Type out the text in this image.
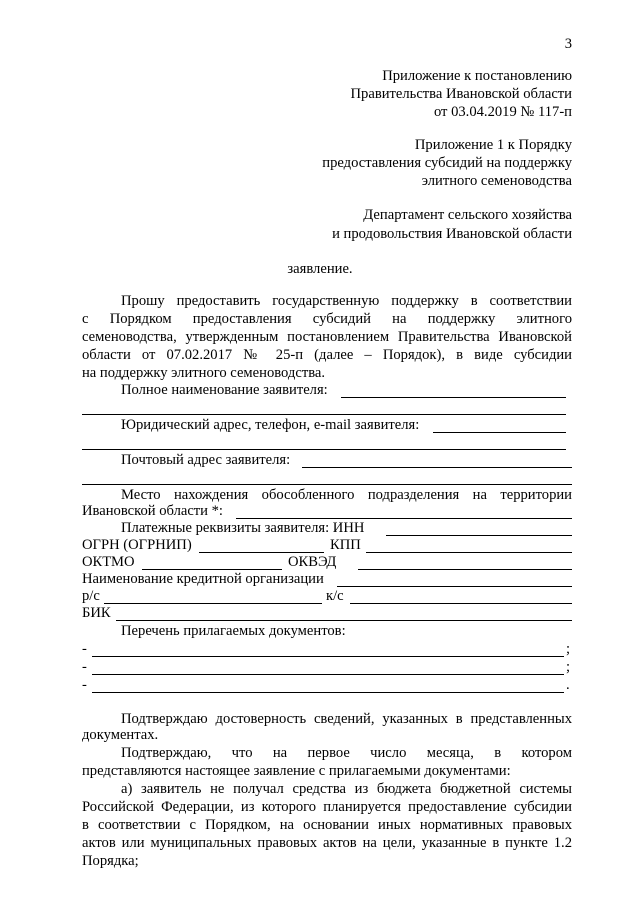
3
Приложение к постановлению
Правительства Ивановской области
от 03.04.2019 № 117-п
Приложение 1 к Порядку
предоставления субсидий на поддержку
элитного семеноводства
Департамент сельского хозяйства
и продовольствия Ивановской области
заявление.
Прошу предоставить государственную поддержку в соответствии
с Порядком предоставления субсидий на поддержку элитного
семеноводства, утвержденным постановлением Правительства Ивановской
области от 07.02.2017 № 25-п (далее – Порядок), в виде субсидии
на поддержку элитного семеноводства.
Полное наименование заявителя:
Юридический адрес, телефон, e-mail заявителя:
Почтовый адрес заявителя:
Место нахождения обособленного подразделения на территории
Ивановской области *:
Платежные реквизиты заявителя: ИНН
ОГРН (ОГРНИП)	КПП
ОКТМО	ОКВЭД
Наименование кредитной организации
р/с	к/с
БИК
Перечень прилагаемых документов:
-	;
-	;
-	.
Подтверждаю достоверность сведений, указанных в представленных
документах.
Подтверждаю, что на первое число месяца, в котором
представляются настоящее заявление с прилагаемыми документами:
а) заявитель не получал средства из бюджета бюджетной системы
Российской Федерации, из которого планируется предоставление субсидии
в соответствии с Порядком, на основании иных нормативных правовых
актов или муниципальных правовых актов на цели, указанные в пункте 1.2
Порядка;
